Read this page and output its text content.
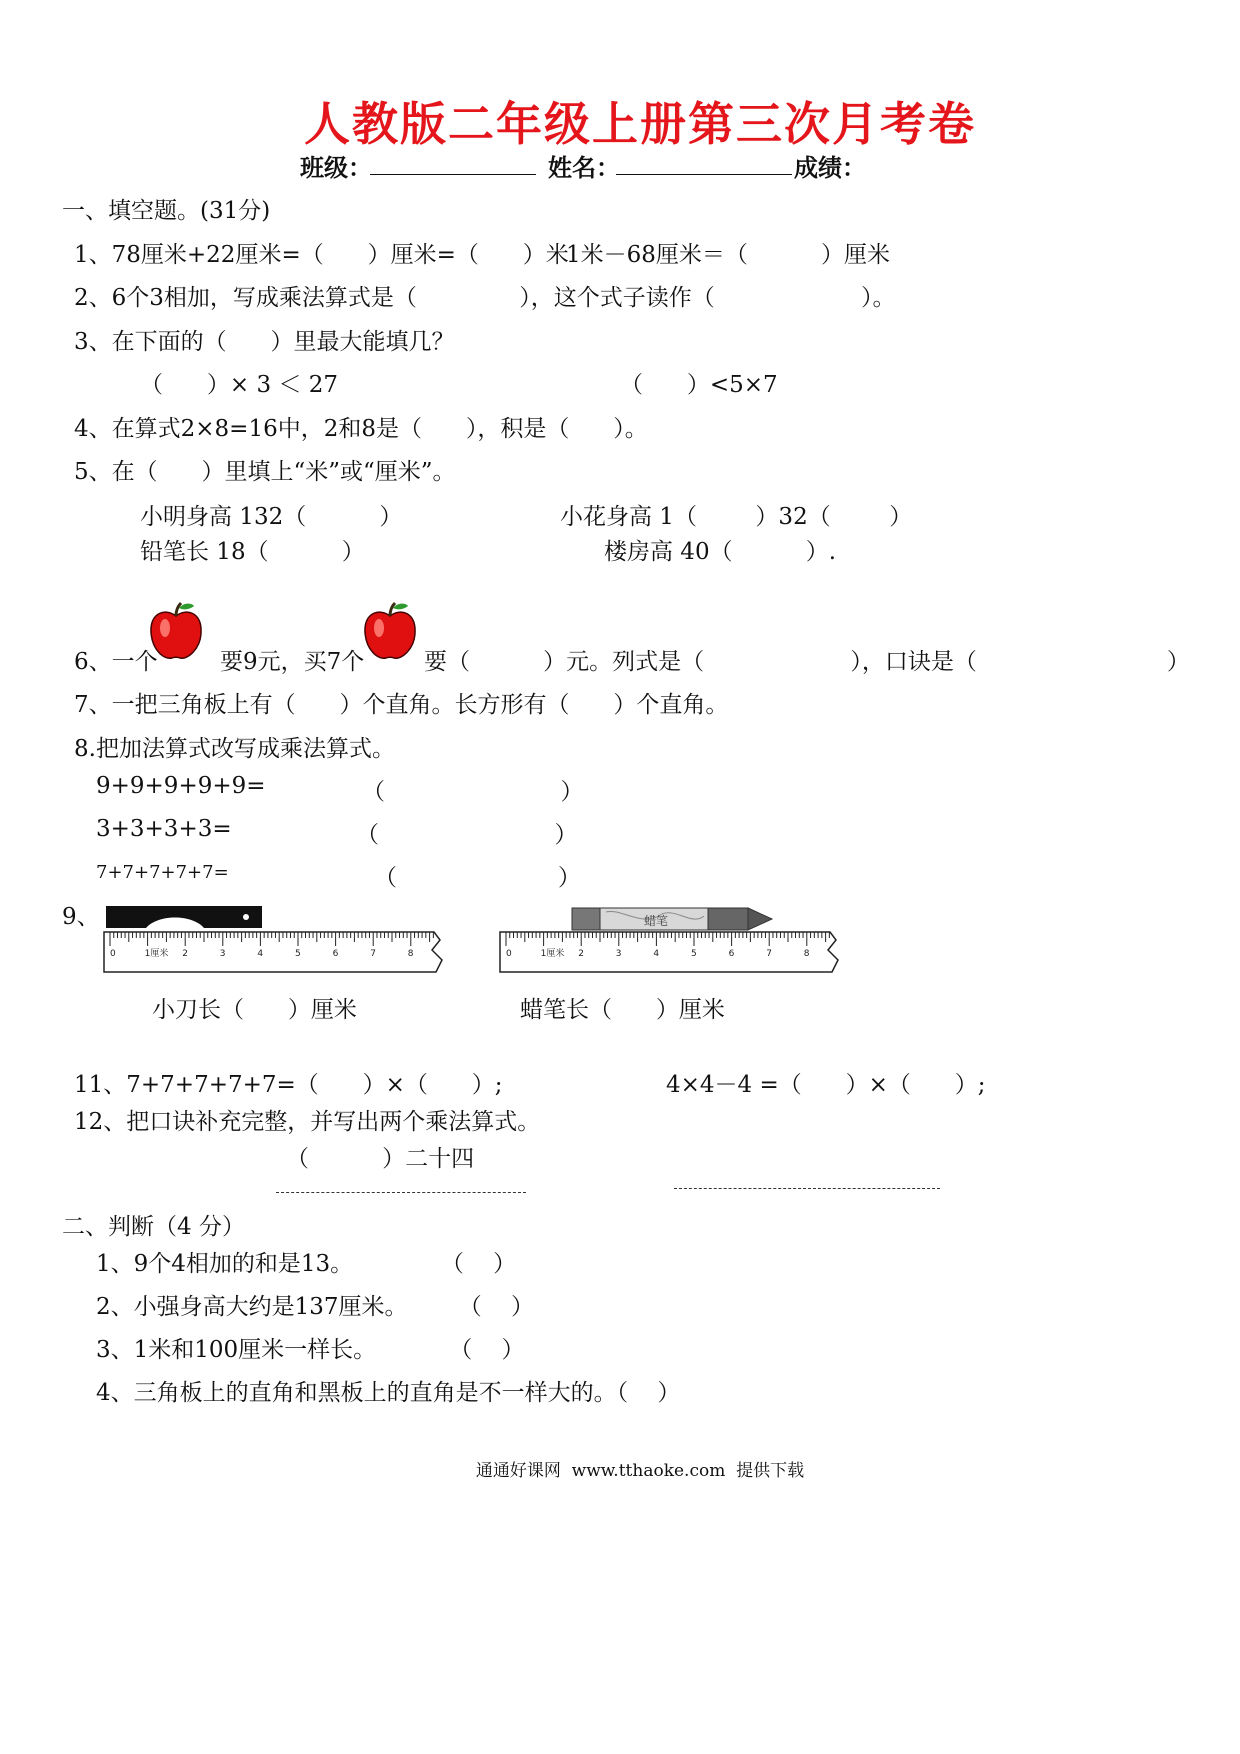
人教版二年级上册第三次月考卷
班级：	姓名：	成绩：
一、填空题。(31分)
1、78厘米+22厘米=（      ）厘米=（      ）米
1米－68厘米＝（          ）厘米
2、6个3相加，写成乘法算式是（              ），这个式子读作（                    ）。
3、在下面的（      ）里最大能填几？
（      ）× 3 ＜ 27	（      ）<5×7
4、在算式2×8=16中，2和8是（      ），积是（      ）。
5、在（      ）里填上“米”或“厘米”。
小明身高 132（          ）	小花身高 1（        ）32（        ）
铅笔长 18（          ）	楼房高 40（          ）.
6、一个	要9元，买7个	要（          ）元。列式是（                    ），口诀是（                          ）
7、一把三角板上有（      ）个直角。长方形有（      ）个直角。
8.把加法算式改写成乘法算式。
9+9+9+9+9=	（                        ）
3+3+3+3=	（                        ）
7+7+7+7+7=	（                      ）
9、
0	1厘米 2	3	4	5	6	7	8
蜡笔
0	1厘米 2	3	4	5	6	7	8
小刀长（      ）厘米	蜡笔长（      ）厘米
11、7+7+7+7+7=（      ）×（      ）;	4×4－4 =（      ）×（      ）;
12、把口诀补充完整，并写出两个乘法算式。
（          ）二十四
二、判断（4 分）
1、9个4相加的和是13。            （    ）
2、小强身高大约是137厘米。       （    ）
3、1米和100厘米一样长。          （    ）
4、三角板上的直角和黑板上的直角是不一样大的。（    ）
通通好课网  www.tthaoke.com  提供下载
